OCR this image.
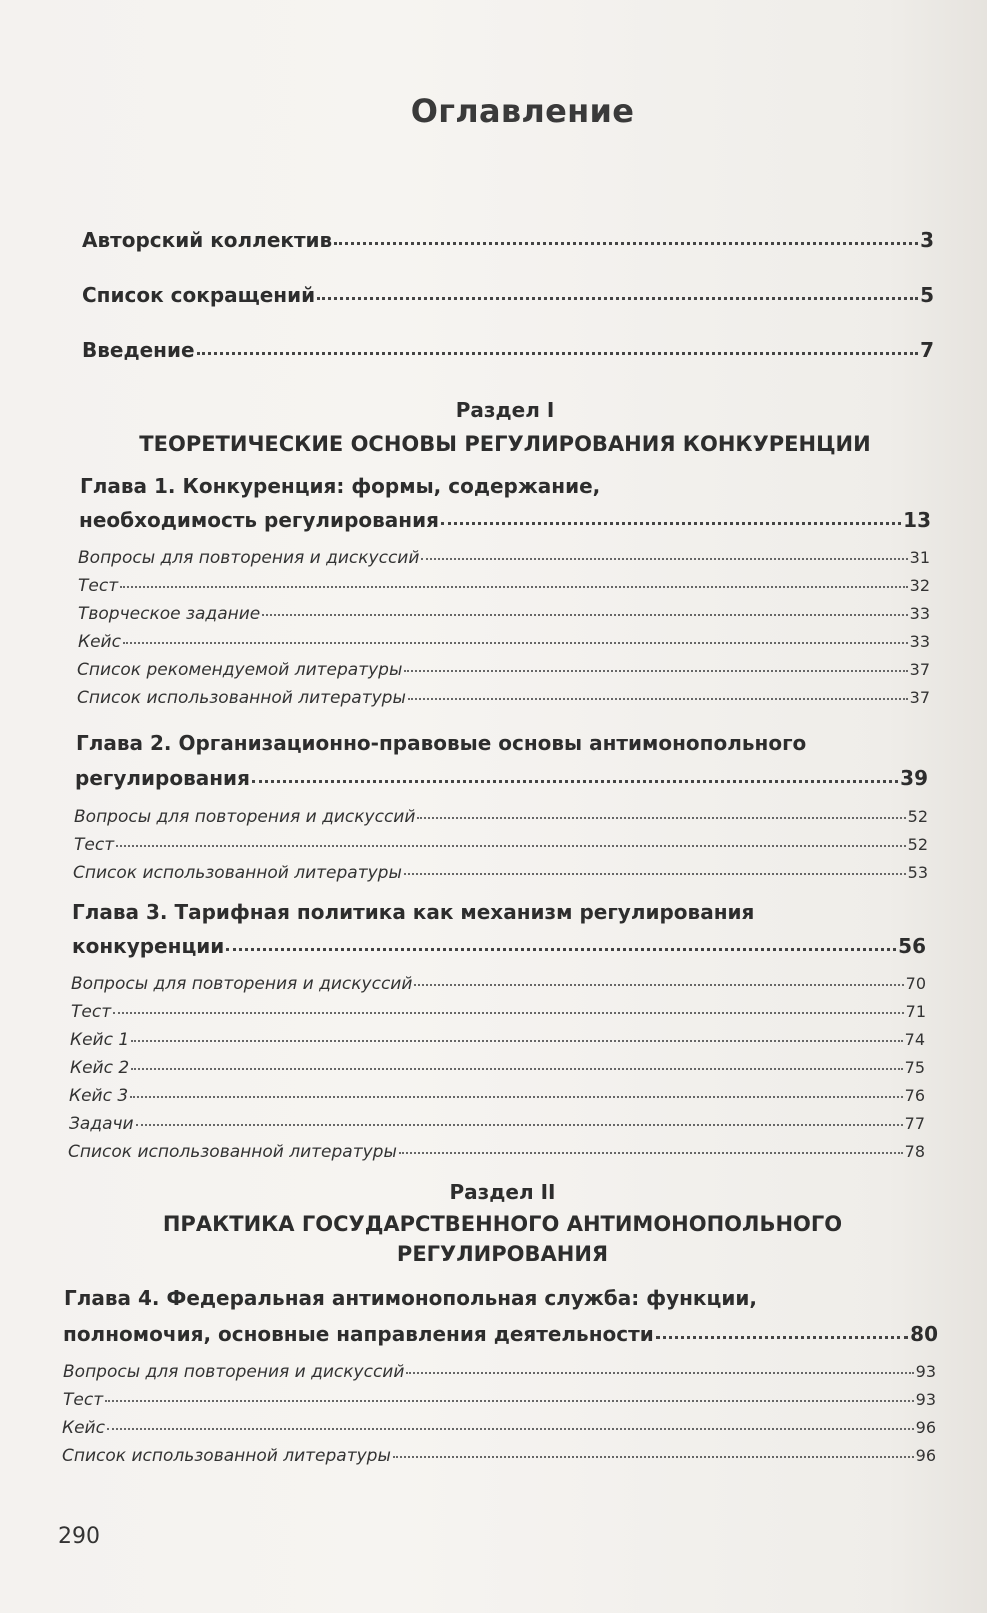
Оглавление
Авторский коллектив	3
Список сокращений	5
Введение	7
Раздел I
ТЕОРЕТИЧЕСКИЕ ОСНОВЫ РЕГУЛИРОВАНИЯ КОНКУРЕНЦИИ
Глава 1. Конкуренция: формы, содержание,
необходимость регулирования	13
Вопросы для повторения и дискуссий	31
Тест	32
Творческое задание	33
Кейс	33
Список рекомендуемой литературы	37
Список использованной литературы	37
Глава 2. Организационно-правовые основы антимонопольного
регулирования	39
Вопросы для повторения и дискуссий	52
Тест	52
Список использованной литературы	53
Глава 3. Тарифная политика как механизм регулирования
конкуренции	56
Вопросы для повторения и дискуссий	70
Тест	71
Кейс 1	74
Кейс 2	75
Кейс 3	76
Задачи	77
Список использованной литературы	78
Раздел II
ПРАКТИКА ГОСУДАРСТВЕННОГО АНТИМОНОПОЛЬНОГО
РЕГУЛИРОВАНИЯ
Глава 4. Федеральная антимонопольная служба: функции,
полномочия, основные направления деятельности	80
Вопросы для повторения и дискуссий	93
Тест	93
Кейс	96
Список использованной литературы	96
290
